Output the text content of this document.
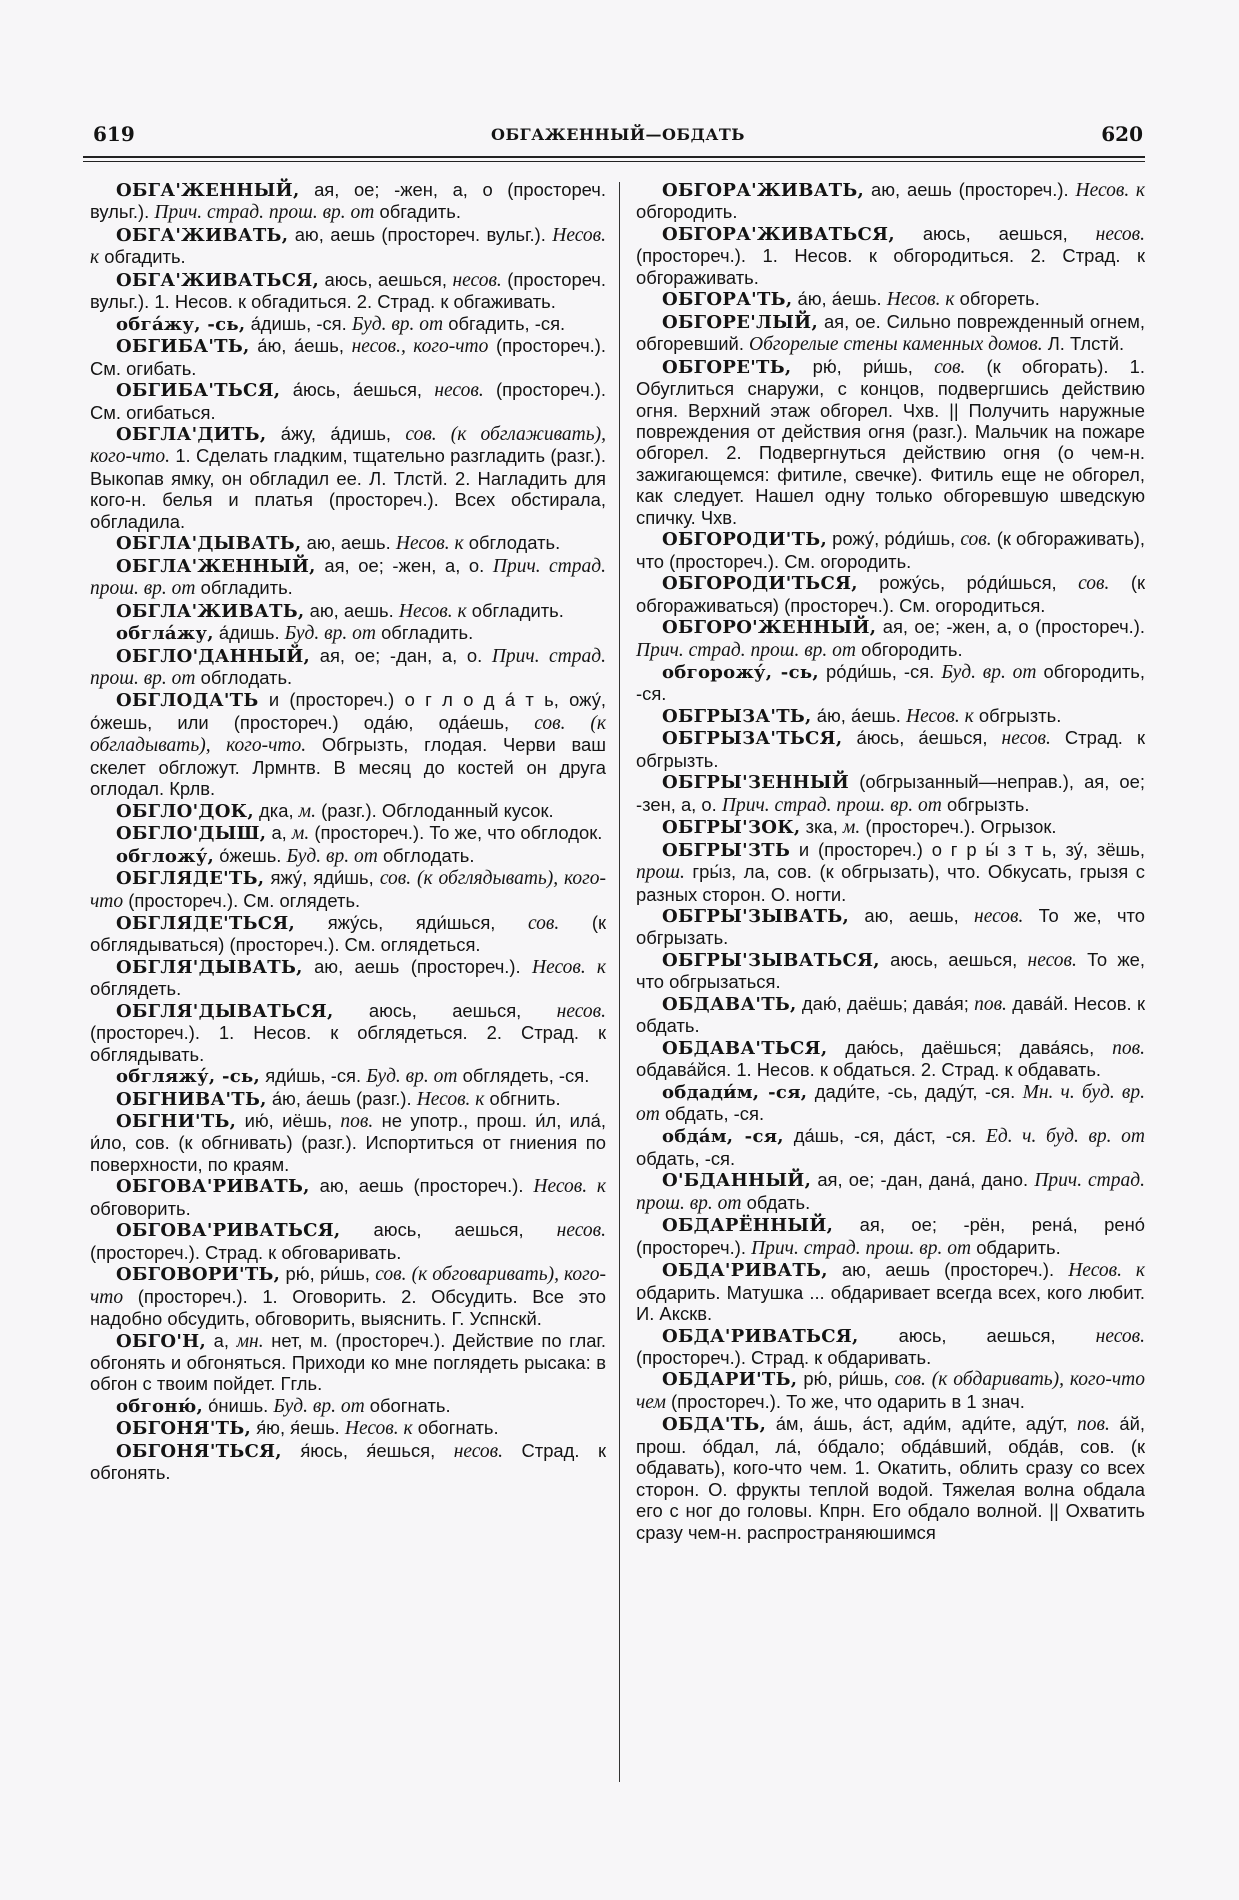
619	ОБГАЖЕННЫЙ—ОБДАТЬ	620

ОБГА'ЖЕННЫЙ, ая, ое; -жен, а, о (простореч. вульг.). Прич. страд. прош. вр. от обгадить.

ОБГА'ЖИВАТЬ, аю, аешь (простореч. вульг.). Несов. к обгадить.

ОБГА'ЖИВАТЬСЯ, аюсь, аешься, несов. (простореч. вульг.). 1. Несов. к обгадиться. 2. Страд. к обгаживать.

обга́жу, -сь, а́дишь, -ся. Буд. вр. от обгадить, -ся.

ОБГИБА'ТЬ, а́ю, а́ешь, несов., кого-что (простореч.). См. огибать.

ОБГИБА'ТЬСЯ, а́юсь, а́ешься, несов. (простореч.). См. огибаться.

ОБГЛА'ДИТЬ, а́жу, а́дишь, сов. (к обглаживать), кого-что. 1. Сделать гладким, тщательно разгладить (разг.). Выкопав ямку, он обгладил ее. Л. Тлстй. 2. Нагладить для кого-н. белья и платья (простореч.). Всех обстирала, обгладила.

ОБГЛА'ДЫВАТЬ, аю, аешь. Несов. к обглодать.

ОБГЛА'ЖЕННЫЙ, ая, ое; -жен, а, о. Прич. страд. прош. вр. от обгладить.

ОБГЛА'ЖИВАТЬ, аю, аешь. Несов. к обгладить.

обгла́жу, а́дишь. Буд. вр. от обгладить.

ОБГЛО'ДАННЫЙ, ая, ое; -дан, а, о. Прич. страд. прош. вр. от обглодать.

ОБГЛОДА'ТЬ и (простореч.) о г л о д а́ т ь, ожу́, о́жешь, или (простореч.) ода́ю, ода́ешь, сов. (к обгладывать), кого-что. Обгрызть, глодая. Черви ваш скелет обгложут. Лрмнтв. В месяц до костей он друга оглодал. Крлв.

ОБГЛО'ДОК, дка, м. (разг.). Обглоданный кусок.

ОБГЛО'ДЫШ, а, м. (простореч.). То же, что обглодок.

обгложу́, о́жешь. Буд. вр. от обглодать.

ОБГЛЯДЕ'ТЬ, яжу́, яди́шь, сов. (к обглядывать), кого-что (простореч.). См. оглядеть.

ОБГЛЯДЕ'ТЬСЯ, яжу́сь, яди́шься, сов. (к обглядываться) (простореч.). См. оглядеться.

ОБГЛЯ'ДЫВАТЬ, аю, аешь (простореч.). Несов. к обглядеть.

ОБГЛЯ'ДЫВАТЬСЯ, аюсь, аешься, несов. (простореч.). 1. Несов. к обглядеться. 2. Страд. к обглядывать.

обгляжу́, -сь, яди́шь, -ся. Буд. вр. от обглядеть, -ся.

ОБГНИВА'ТЬ, а́ю, а́ешь (разг.). Несов. к обгнить.

ОБГНИ'ТЬ, ию́, иёшь, пов. не употр., прош. и́л, ила́, и́ло, сов. (к обгнивать) (разг.). Испортиться от гниения по поверхности, по краям.

ОБГОВА'РИВАТЬ, аю, аешь (простореч.). Несов. к обговорить.

ОБГОВА'РИВАТЬСЯ, аюсь, аешься, несов. (простореч.). Страд. к обговаривать.

ОБГОВОРИ'ТЬ, рю́, ри́шь, сов. (к обговаривать), кого-что (простореч.). 1. Оговорить. 2. Обсудить. Все это надобно обсудить, обговорить, выяснить. Г. Успнскй.

ОБГО'Н, а, мн. нет, м. (простореч.). Действие по глаг. обгонять и обгоняться. Приходи ко мне поглядеть рысака: в обгон с твоим пойдет. Ггль.

обгоню́, о́нишь. Буд. вр. от обогнать.

ОБГОНЯ'ТЬ, я́ю, я́ешь. Несов. к обогнать.

ОБГОНЯ'ТЬСЯ, я́юсь, я́ешься, несов. Страд. к обгонять.

ОБГОРА'ЖИВАТЬ, аю, аешь (простореч.). Несов. к обгородить.

ОБГОРА'ЖИВАТЬСЯ, аюсь, аешься, несов. (простореч.). 1. Несов. к обгородиться. 2. Страд. к обгораживать.

ОБГОРА'ТЬ, а́ю, а́ешь. Несов. к обгореть.

ОБГОРЕ'ЛЫЙ, ая, ое. Сильно поврежденный огнем, обгоревший. Обгорелые стены каменных домов. Л. Тлстй.

ОБГОРЕ'ТЬ, рю́, ри́шь, сов. (к обгорать). 1. Обуглиться снаружи, с концов, подвергшись действию огня. Верхний этаж обгорел. Чхв. || Получить наружные повреждения от действия огня (разг.). Мальчик на пожаре обгорел. 2. Подвергнуться действию огня (о чем-н. зажигающемся: фитиле, свечке). Фитиль еще не обгорел, как следует. Нашел одну только обгоревшую шведскую спичку. Чхв.

ОБГОРОДИ'ТЬ, рожу́, ро́ди́шь, сов. (к обгораживать), что (простореч.). См. огородить.

ОБГОРОДИ'ТЬСЯ, рожу́сь, ро́ди́шься, сов. (к обгораживаться) (простореч.). См. огородиться.

ОБГОРО'ЖЕННЫЙ, ая, ое; -жен, а, о (простореч.). Прич. страд. прош. вр. от обгородить.

обгорожу́, -сь, ро́ди́шь, -ся. Буд. вр. от обгородить, -ся.

ОБГРЫЗА'ТЬ, а́ю, а́ешь. Несов. к обгрызть.

ОБГРЫЗА'ТЬСЯ, а́юсь, а́ешься, несов. Страд. к обгрызть.

ОБГРЫ'ЗЕННЫЙ (обгрызанный—неправ.), ая, ое; -зен, а, о. Прич. страд. прош. вр. от обгрызть.

ОБГРЫ'ЗОК, зка, м. (простореч.). Огрызок.

ОБГРЫ'ЗТЬ и (простореч.) о г р ы́ з т ь, зу́, зёшь, прош. гры́з, ла, сов. (к обгрызать), что. Обкусать, грызя с разных сторон. О. ногти.

ОБГРЫ'ЗЫВАТЬ, аю, аешь, несов. То же, что обгрызать.

ОБГРЫ'ЗЫВАТЬСЯ, аюсь, аешься, несов. То же, что обгрызаться.

ОБДАВА'ТЬ, даю́, даёшь; дава́я; пов. дава́й. Несов. к обдать.

ОБДАВА'ТЬСЯ, даю́сь, даёшься; дава́ясь, пов. обдава́йся. 1. Несов. к обдаться. 2. Страд. к обдавать.

обдади́м, -ся, дади́те, -сь, даду́т, -ся. Мн. ч. буд. вр. от обдать, -ся.

обда́м, -ся, да́шь, -ся, да́ст, -ся. Ед. ч. буд. вр. от обдать, -ся.

О'БДАННЫЙ, ая, ое; -дан, дана́, дано. Прич. страд. прош. вр. от обдать.

ОБДАРЁННЫЙ, ая, ое; -рён, рена́, рено́ (простореч.). Прич. страд. прош. вр. от обдарить.

ОБДА'РИВАТЬ, аю, аешь (простореч.). Несов. к обдарить. Матушка ... обдаривает всегда всех, кого любит. И. Акскв.

ОБДА'РИВАТЬСЯ, аюсь, аешься, несов. (простореч.). Страд. к обдаривать.

ОБДАРИ'ТЬ, рю́, ри́шь, сов. (к обдаривать), кого-что чем (простореч.). То же, что одарить в 1 знач.

ОБДА'ТЬ, а́м, а́шь, а́ст, ади́м, ади́те, аду́т, пов. а́й, прош. о́бдал, ла́, о́бдало; обда́вший, обда́в, сов. (к обдавать), кого-что чем. 1. Окатить, облить сразу со всех сторон. О. фрукты теплой водой. Тяжелая волна обдала его с ног до головы. Кпрн. Его обдало волной. || Охватить сразу чем-н. распространяюшимся
